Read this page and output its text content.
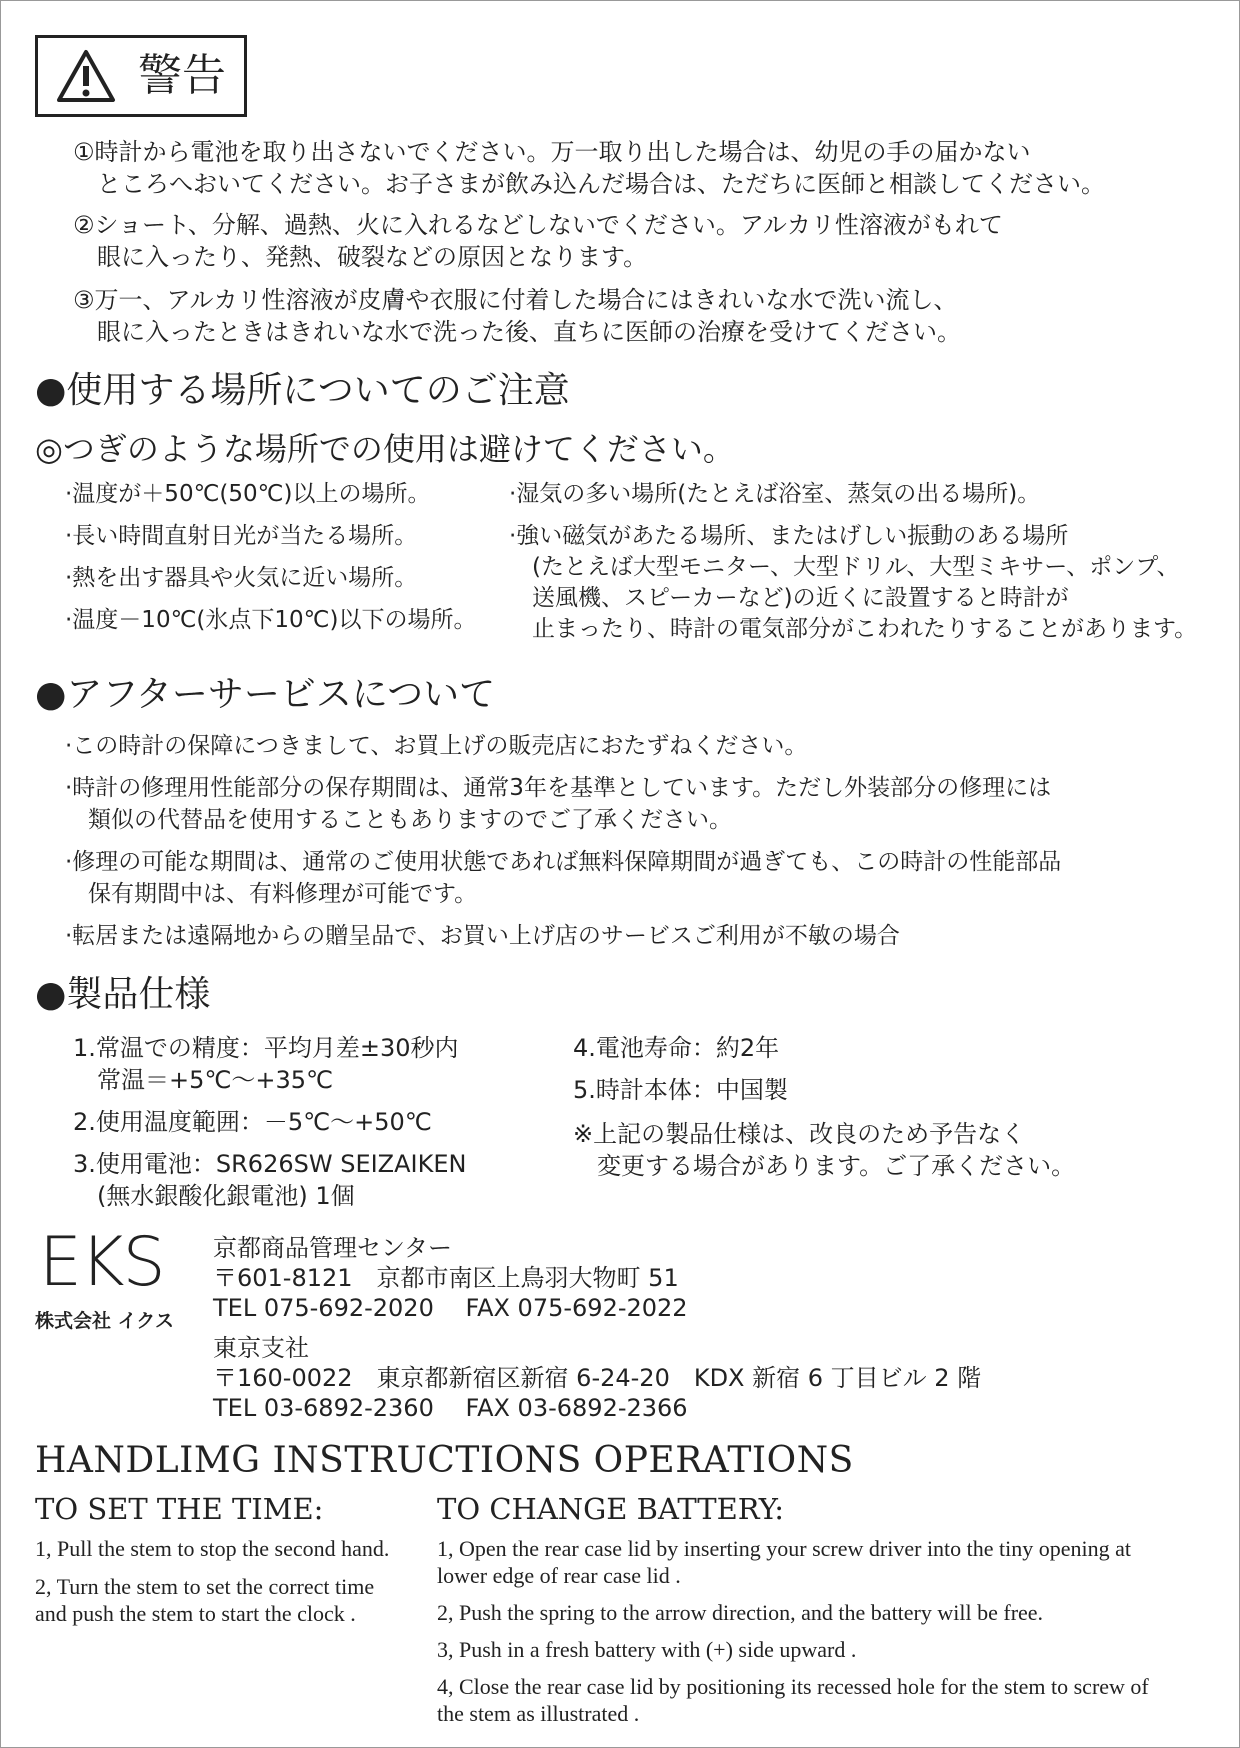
警告
①時計から電池を取り出さないでください。万一取り出した場合は、幼児の手の届かない
　ところへおいてください。お子さまが飲み込んだ場合は、ただちに医師と相談してください。
②ショート、分解、過熱、火に入れるなどしないでください。アルカリ性溶液がもれて
　眼に入ったり、発熱、破裂などの原因となります。
③万一、アルカリ性溶液が皮膚や衣服に付着した場合にはきれいな水で洗い流し、
　眼に入ったときはきれいな水で洗った後、直ちに医師の治療を受けてください。
●使用する場所についてのご注意
◎つぎのような場所での使用は避けてください。
·温度が＋50℃(50℃)以上の場所。
·長い時間直射日光が当たる場所。
·熱を出す器具や火気に近い場所。
·温度－10℃(氷点下10℃)以下の場所。
·湿気の多い場所(たとえば浴室、蒸気の出る場所)。
·強い磁気があたる場所、またはげしい振動のある場所
　(たとえば大型モニター、大型ドリル、大型ミキサー、ポンプ、
　送風機、スピーカーなど)の近くに設置すると時計が
　止まったり、時計の電気部分がこわれたりすることがあります。
●アフターサービスについて
·この時計の保障につきまして、お買上げの販売店におたずねください。
·時計の修理用性能部分の保存期間は、通常3年を基準としています。ただし外装部分の修理には
　類似の代替品を使用することもありますのでご了承ください。
·修理の可能な期間は、通常のご使用状態であれば無料保障期間が過ぎても、この時計の性能部品
　保有期間中は、有料修理が可能です。
·転居または遠隔地からの贈呈品で、お買い上げ店のサービスご利用が不敏の場合
●製品仕様
1.常温での精度：平均月差±30秒内
　常温＝+5℃～+35℃
2.使用温度範囲：－5℃～+50℃
3.使用電池：SR626SW SEIZAIKEN
　(無水銀酸化銀電池) 1個
4.電池寿命：約2年
5.時計本体：中国製
※上記の製品仕様は、改良のため予告なく
　変更する場合があります。ご了承ください。
EKS
株式会社 イクス
京都商品管理センター
〒601-8121　京都市南区上鳥羽大物町 51
TEL 075-692-2020　 FAX 075-692-2022
東京支社
〒160-0022　東京都新宿区新宿 6-24-20　KDX 新宿 6 丁目ビル 2 階
TEL 03-6892-2360　 FAX 03-6892-2366
HANDLIMG INSTRUCTIONS OPERATIONS
TO SET THE TIME:
1, Pull the stem to stop the second hand.
2, Turn the stem to set the correct time
and push the stem to start the clock .
TO CHANGE BATTERY:
1, Open the rear case lid by inserting your screw driver into the tiny opening at
lower edge of rear case lid .
2, Push the spring to the arrow direction, and the battery will be free.
3, Push in a fresh battery with (+) side upward .
4, Close the rear case lid by positioning its recessed hole for the stem to screw of
the stem as illustrated .
